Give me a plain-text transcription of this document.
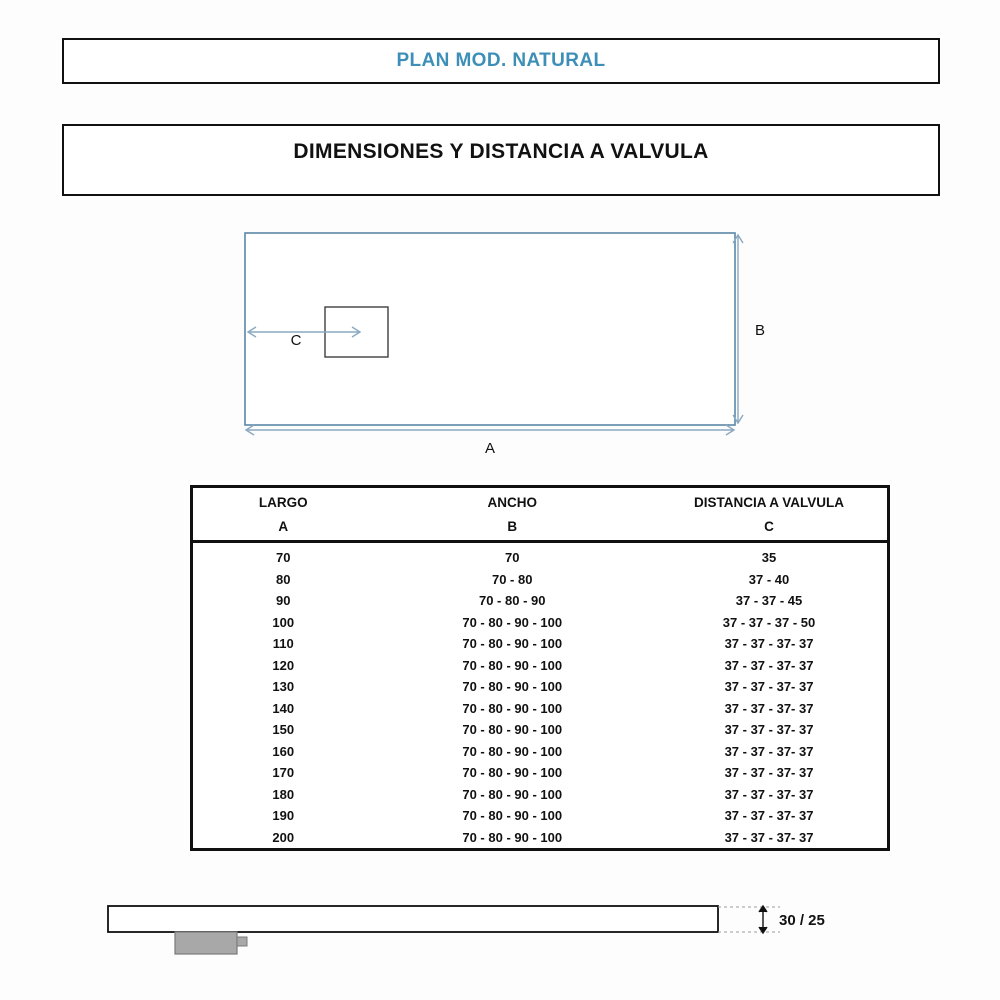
PLAN MOD. NATURAL
DIMENSIONES Y DISTANCIA A VALVULA
C
B
A
LARGO	ANCHO	DISTANCIA A VALVULA
A	B	C
70	70	35
80	70 - 80	37 - 40
90	70 - 80 - 90	37 - 37 - 45
100	70 - 80 - 90 - 100	37 - 37 - 37 - 50
110	70 - 80 - 90 - 100	37 - 37 - 37- 37
120	70 - 80 - 90 - 100	37 - 37 - 37- 37
130	70 - 80 - 90 - 100	37 - 37 - 37- 37
140	70 - 80 - 90 - 100	37 - 37 - 37- 37
150	70 - 80 - 90 - 100	37 - 37 - 37- 37
160	70 - 80 - 90 - 100	37 - 37 - 37- 37
170	70 - 80 - 90 - 100	37 - 37 - 37- 37
180	70 - 80 - 90 - 100	37 - 37 - 37- 37
190	70 - 80 - 90 - 100	37 - 37 - 37- 37
200	70 - 80 - 90 - 100	37 - 37 - 37- 37
30 / 25
